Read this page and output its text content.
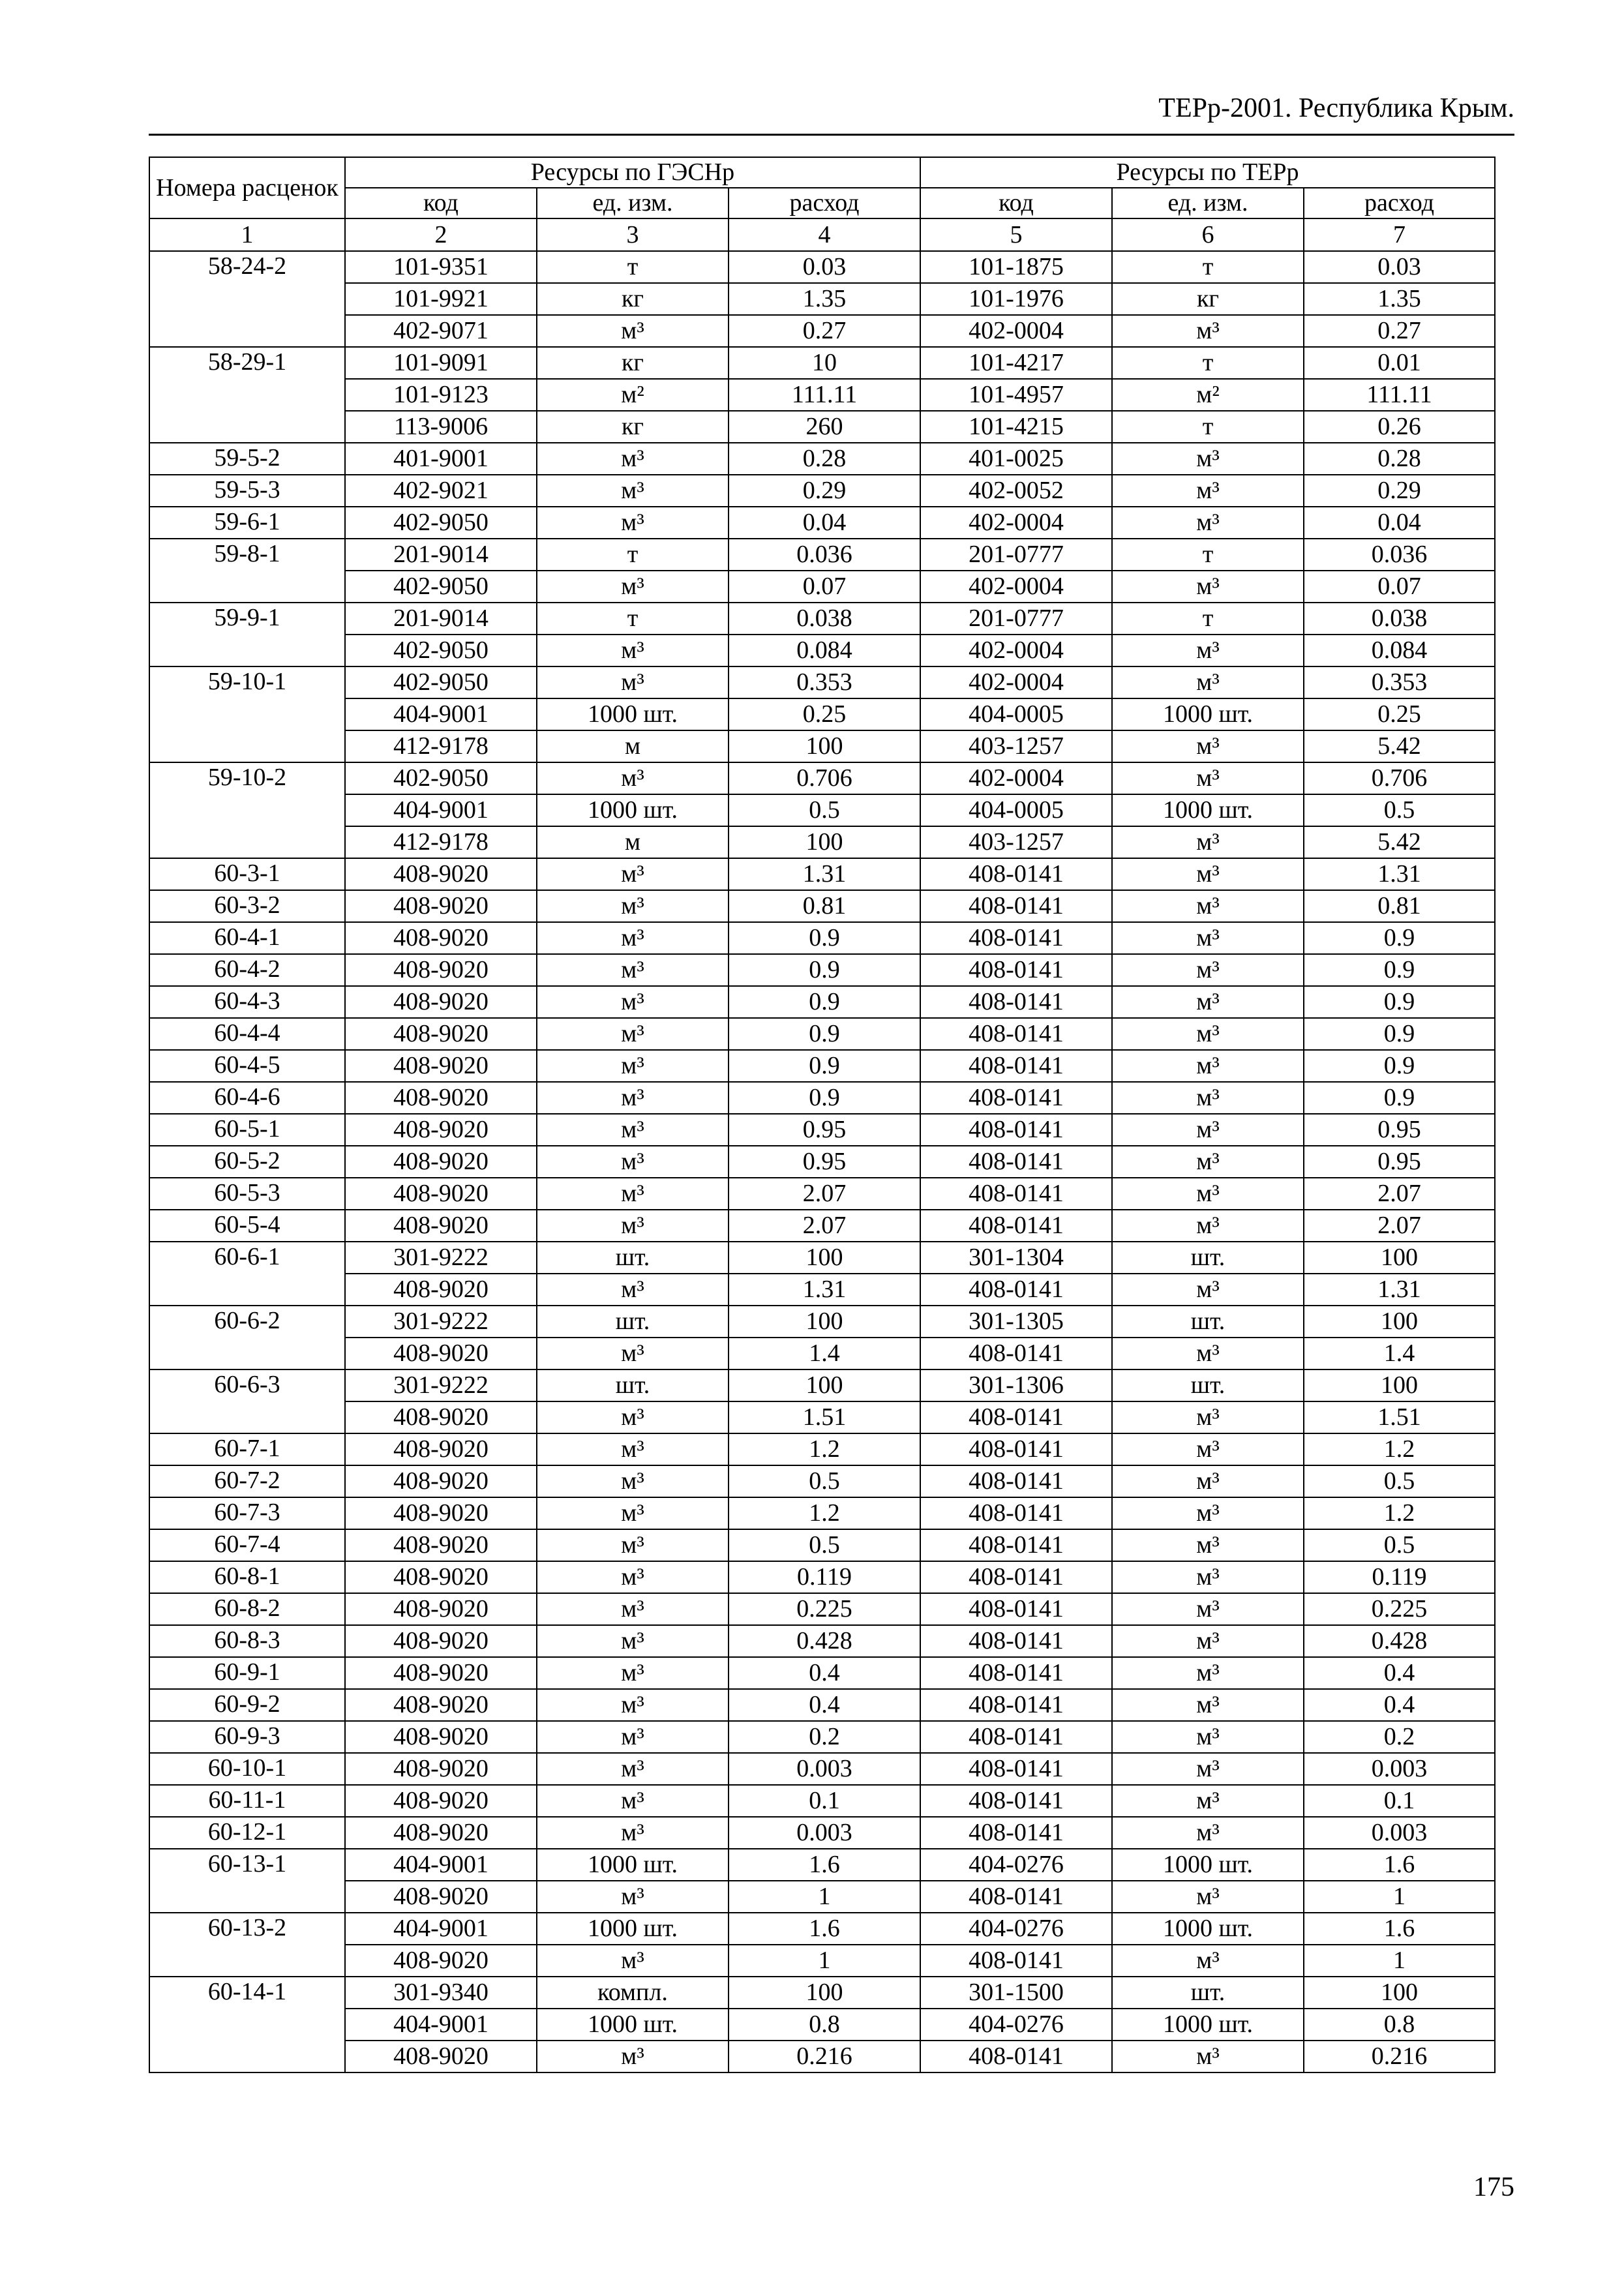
ТЕРр-2001. Республика Крым.
Номера расценок	Ресурсы по ГЭСНр			Ресурсы по ТЕРр		
	код	ед. изм.	расход	код	ед. изм.	расход
1	2	3	4	5	6	7
58-24-2	101-9351	т	0.03	101-1875	т	0.03
	101-9921	кг	1.35	101-1976	кг	1.35
	402-9071	м³	0.27	402-0004	м³	0.27
58-29-1	101-9091	кг	10	101-4217	т	0.01
	101-9123	м²	111.11	101-4957	м²	111.11
	113-9006	кг	260	101-4215	т	0.26
59-5-2	401-9001	м³	0.28	401-0025	м³	0.28
59-5-3	402-9021	м³	0.29	402-0052	м³	0.29
59-6-1	402-9050	м³	0.04	402-0004	м³	0.04
59-8-1	201-9014	т	0.036	201-0777	т	0.036
	402-9050	м³	0.07	402-0004	м³	0.07
59-9-1	201-9014	т	0.038	201-0777	т	0.038
	402-9050	м³	0.084	402-0004	м³	0.084
59-10-1	402-9050	м³	0.353	402-0004	м³	0.353
	404-9001	1000 шт.	0.25	404-0005	1000 шт.	0.25
	412-9178	м	100	403-1257	м³	5.42
59-10-2	402-9050	м³	0.706	402-0004	м³	0.706
	404-9001	1000 шт.	0.5	404-0005	1000 шт.	0.5
	412-9178	м	100	403-1257	м³	5.42
60-3-1	408-9020	м³	1.31	408-0141	м³	1.31
60-3-2	408-9020	м³	0.81	408-0141	м³	0.81
60-4-1	408-9020	м³	0.9	408-0141	м³	0.9
60-4-2	408-9020	м³	0.9	408-0141	м³	0.9
60-4-3	408-9020	м³	0.9	408-0141	м³	0.9
60-4-4	408-9020	м³	0.9	408-0141	м³	0.9
60-4-5	408-9020	м³	0.9	408-0141	м³	0.9
60-4-6	408-9020	м³	0.9	408-0141	м³	0.9
60-5-1	408-9020	м³	0.95	408-0141	м³	0.95
60-5-2	408-9020	м³	0.95	408-0141	м³	0.95
60-5-3	408-9020	м³	2.07	408-0141	м³	2.07
60-5-4	408-9020	м³	2.07	408-0141	м³	2.07
60-6-1	301-9222	шт.	100	301-1304	шт.	100
	408-9020	м³	1.31	408-0141	м³	1.31
60-6-2	301-9222	шт.	100	301-1305	шт.	100
	408-9020	м³	1.4	408-0141	м³	1.4
60-6-3	301-9222	шт.	100	301-1306	шт.	100
	408-9020	м³	1.51	408-0141	м³	1.51
60-7-1	408-9020	м³	1.2	408-0141	м³	1.2
60-7-2	408-9020	м³	0.5	408-0141	м³	0.5
60-7-3	408-9020	м³	1.2	408-0141	м³	1.2
60-7-4	408-9020	м³	0.5	408-0141	м³	0.5
60-8-1	408-9020	м³	0.119	408-0141	м³	0.119
60-8-2	408-9020	м³	0.225	408-0141	м³	0.225
60-8-3	408-9020	м³	0.428	408-0141	м³	0.428
60-9-1	408-9020	м³	0.4	408-0141	м³	0.4
60-9-2	408-9020	м³	0.4	408-0141	м³	0.4
60-9-3	408-9020	м³	0.2	408-0141	м³	0.2
60-10-1	408-9020	м³	0.003	408-0141	м³	0.003
60-11-1	408-9020	м³	0.1	408-0141	м³	0.1
60-12-1	408-9020	м³	0.003	408-0141	м³	0.003
60-13-1	404-9001	1000 шт.	1.6	404-0276	1000 шт.	1.6
	408-9020	м³	1	408-0141	м³	1
60-13-2	404-9001	1000 шт.	1.6	404-0276	1000 шт.	1.6
	408-9020	м³	1	408-0141	м³	1
60-14-1	301-9340	компл.	100	301-1500	шт.	100
	404-9001	1000 шт.	0.8	404-0276	1000 шт.	0.8
	408-9020	м³	0.216	408-0141	м³	0.216
175
